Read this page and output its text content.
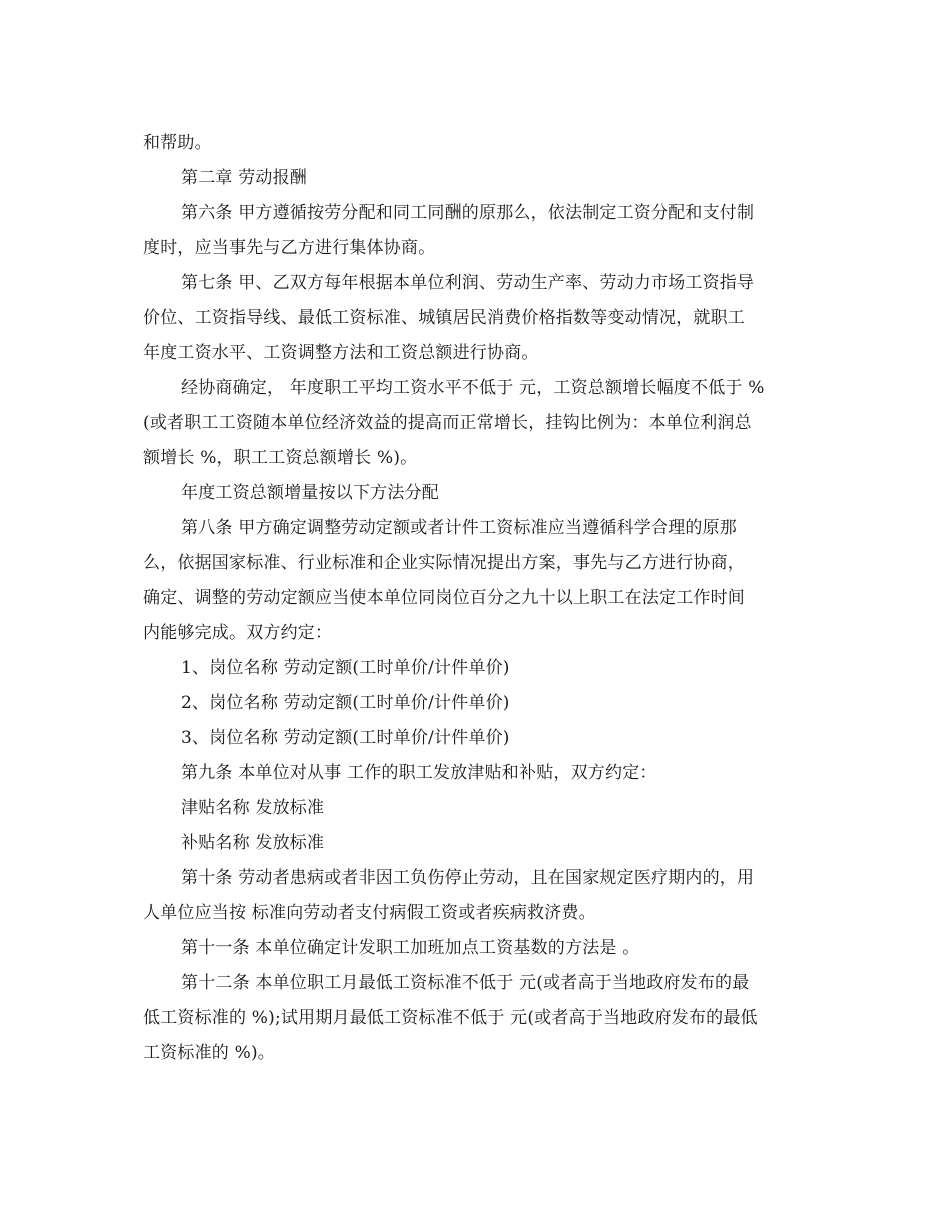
和帮助。

第二章 劳动报酬

第六条 甲方遵循按劳分配和同工同酬的原那么，依法制定工资分配和支付制

度时，应当事先与乙方进行集体协商。

第七条 甲、乙双方每年根据本单位利润、劳动生产率、劳动力市场工资指导

价位、工资指导线、最低工资标准、城镇居民消费价格指数等变动情况，就职工

年度工资水平、工资调整方法和工资总额进行协商。

经协商确定， 年度职工平均工资水平不低于 元，工资总额增长幅度不低于 %

(或者职工工资随本单位经济效益的提高而正常增长，挂钩比例为：本单位利润总

额增长 %，职工工资总额增长 %)。

年度工资总额增量按以下方法分配

第八条 甲方确定调整劳动定额或者计件工资标准应当遵循科学合理的原那

么，依据国家标准、行业标准和企业实际情况提出方案，事先与乙方进行协商，

确定、调整的劳动定额应当使本单位同岗位百分之九十以上职工在法定工作时间

内能够完成。双方约定：

1、岗位名称 劳动定额(工时单价/计件单价)

2、岗位名称 劳动定额(工时单价/计件单价)

3、岗位名称 劳动定额(工时单价/计件单价)

第九条 本单位对从事 工作的职工发放津贴和补贴，双方约定：

津贴名称 发放标准

补贴名称 发放标准

第十条 劳动者患病或者非因工负伤停止劳动，且在国家规定医疗期内的，用

人单位应当按 标准向劳动者支付病假工资或者疾病救济费。

第十一条 本单位确定计发职工加班加点工资基数的方法是 。

第十二条 本单位职工月最低工资标准不低于 元(或者高于当地政府发布的最

低工资标准的 %);试用期月最低工资标准不低于 元(或者高于当地政府发布的最低

工资标准的 %)。
